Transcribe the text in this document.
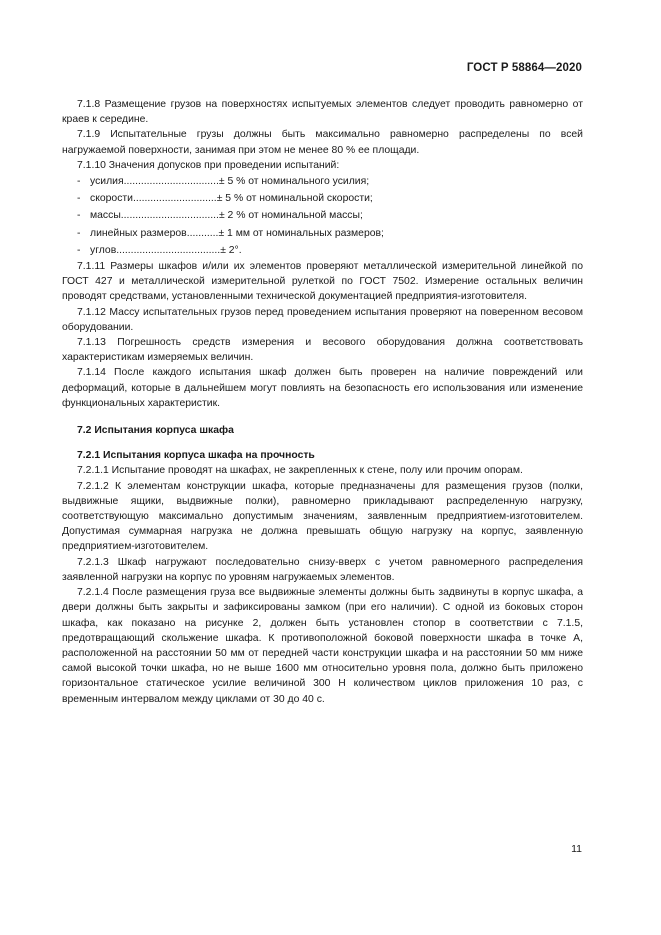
ГОСТ Р 58864—2020

7.1.8 Размещение грузов на поверхностях испытуемых элементов следует проводить равномерно от краев к середине.

7.1.9 Испытательные грузы должны быть максимально равномерно распределены по всей нагружаемой поверхности, занимая при этом не менее 80 % ее площади.

7.1.10 Значения допусков при проведении испытаний:

- усилия ................................. ± 5 % от номинального усилия;
- скорости ............................. ± 5 % от номинальной скорости;
- массы .................................. ± 2 % от номинальной массы;
- линейных размеров ........... ± 1 мм от номинальных размеров;
- углов .................................... ± 2°.

7.1.11 Размеры шкафов и/или их элементов проверяют металлической измерительной линейкой по ГОСТ 427 и металлической измерительной рулеткой по ГОСТ 7502. Измерение остальных величин проводят средствами, установленными технической документацией предприятия-изготовителя.

7.1.12 Массу испытательных грузов перед проведением испытания проверяют на поверенном весовом оборудовании.

7.1.13 Погрешность средств измерения и весового оборудования должна соответствовать характеристикам измеряемых величин.

7.1.14 После каждого испытания шкаф должен быть проверен на наличие повреждений или деформаций, которые в дальнейшем могут повлиять на безопасность его использования или изменение функциональных характеристик.

7.2 Испытания корпуса шкафа

7.2.1 Испытания корпуса шкафа на прочность

7.2.1.1 Испытание проводят на шкафах, не закрепленных к стене, полу или прочим опорам.

7.2.1.2 К элементам конструкции шкафа, которые предназначены для размещения грузов (полки, выдвижные ящики, выдвижные полки), равномерно прикладывают распределенную нагрузку, соответствующую максимально допустимым значениям, заявленным предприятием-изготовителем. Допустимая суммарная нагрузка не должна превышать общую нагрузку на корпус, заявленную предприятием-изготовителем.

7.2.1.3 Шкаф нагружают последовательно снизу-вверх с учетом равномерного распределения заявленной нагрузки на корпус по уровням нагружаемых элементов.

7.2.1.4 После размещения груза все выдвижные элементы должны быть задвинуты в корпус шкафа, а двери должны быть закрыты и зафиксированы замком (при его наличии). С одной из боковых сторон шкафа, как показано на рисунке 2, должен быть установлен стопор в соответствии с 7.1.5, предотвращающий скольжение шкафа. К противоположной боковой поверхности шкафа в точке А, расположенной на расстоянии 50 мм от передней части конструкции шкафа и на расстоянии 50 мм ниже самой высокой точки шкафа, но не выше 1600 мм относительно уровня пола, должно быть приложено горизонтальное статическое усилие величиной 300 Н количеством циклов приложения 10 раз, с временным интервалом между циклами от 30 до 40 с.

11
